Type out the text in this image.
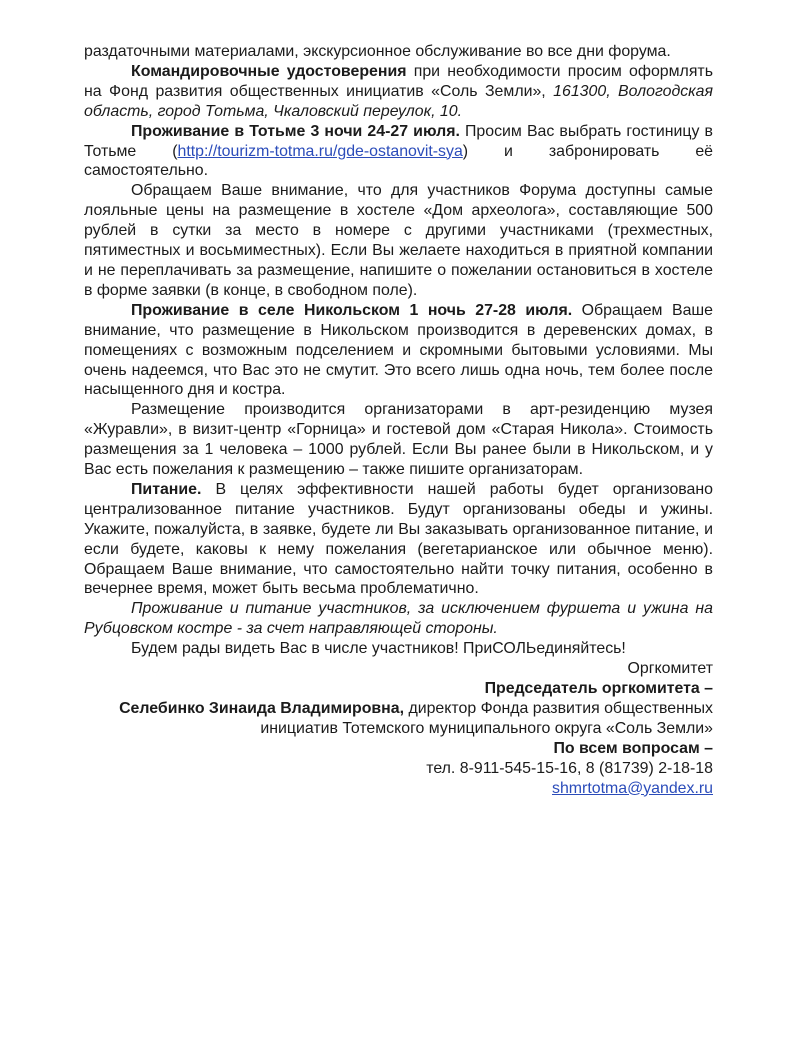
раздаточными материалами, экскурсионное обслуживание во все дни форума.

Командировочные удостоверения при необходимости просим оформлять на Фонд развития общественных инициатив «Соль Земли», 161300, Вологодская область, город Тотьма, Чкаловский переулок, 10.

Проживание в Тотьме 3 ночи 24-27 июля. Просим Вас выбрать гостиницу в Тотьме (http://tourizm-totma.ru/gde-ostanovit-sya) и забронировать её самостоятельно.

Обращаем Ваше внимание, что для участников Форума доступны самые лояльные цены на размещение в хостеле «Дом археолога», составляющие 500 рублей в сутки за место в номере с другими участниками (трехместных, пятиместных и восьмиместных). Если Вы желаете находиться в приятной компании и не переплачивать за размещение, напишите о пожелании остановиться в хостеле в форме заявки (в конце, в свободном поле).

Проживание в селе Никольском 1 ночь 27-28 июля. Обращаем Ваше внимание, что размещение в Никольском производится в деревенских домах, в помещениях с возможным подселением и скромными бытовыми условиями. Мы очень надеемся, что Вас это не смутит. Это всего лишь одна ночь, тем более после насыщенного дня и костра.

Размещение производится организаторами в арт-резиденцию музея «Журавли», в визит-центр «Горница» и гостевой дом «Старая Никола». Стоимость размещения за 1 человека – 1000 рублей. Если Вы ранее были в Никольском, и у Вас есть пожелания к размещению – также пишите организаторам.

Питание. В целях эффективности нашей работы будет организовано централизованное питание участников. Будут организованы обеды и ужины. Укажите, пожалуйста, в заявке, будете ли Вы заказывать организованное питание, и если будете, каковы к нему пожелания (вегетарианское или обычное меню). Обращаем Ваше внимание, что самостоятельно найти точку питания, особенно в вечернее время, может быть весьма проблематично.

Проживание и питание участников, за исключением фуршета и ужина на Рубцовском костре - за счет направляющей стороны.

Будем рады видеть Вас в числе участников! ПриСОЛЬединяйтесь!

Оргкомитет

Председатель оргкомитета –

Селебинко Зинаида Владимировна, директор Фонда развития общественных инициатив Тотемского муниципального округа «Соль Земли»

По всем вопросам –

тел. 8-911-545-15-16, 8 (81739) 2-18-18

shmrtotma@yandex.ru
